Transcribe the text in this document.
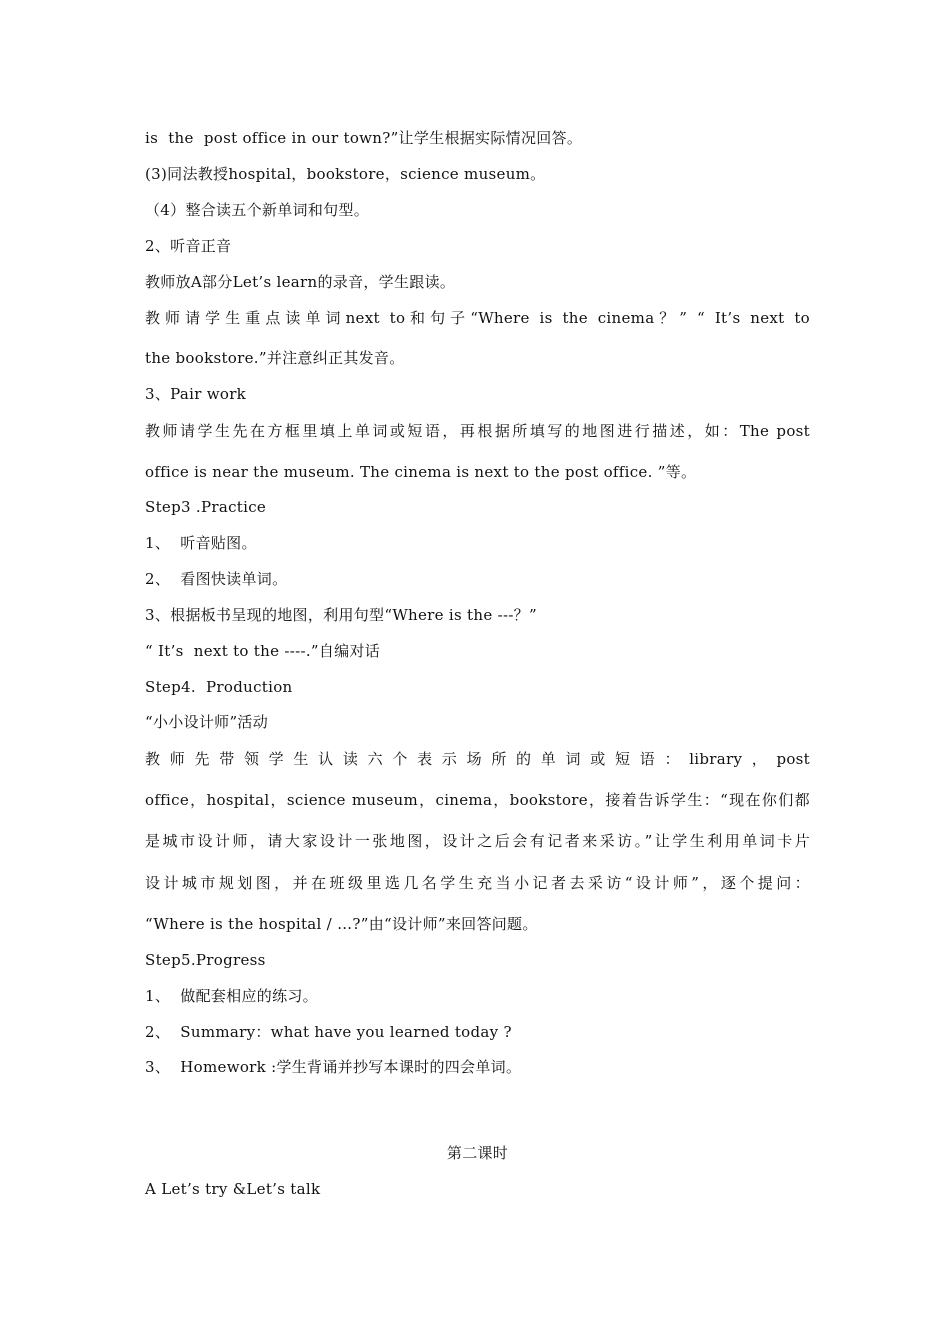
is  the  post office in our town?”让学生根据实际情况回答。
(3)同法教授hospital，bookstore，science museum。
（4）整合读五个新单词和句型。
2、听音正音
教师放A部分Let’s learn的录音，学生跟读。
教师请学生重点读单词next to和句子“Where is the cinema？” “ It’s next to
the bookstore.”并注意纠正其发音。
3、Pair work
教师请学生先在方框里填上单词或短语，再根据所填写的地图进行描述，如：The post
office is near the museum. The cinema is next to the post office. ”等。
Step3 .Practice
1、  听音贴图。
2、  看图快读单词。
3、根据板书呈现的地图，利用句型“Where is the ---？”
“ It’s  next to the ----.”自编对话
Step4.  Production
“小小设计师”活动
教师先带领学生认读六个表示场所的单词或短语：library，post
office，hospital，science museum，cinema，bookstore，接着告诉学生：“现在你们都
是城市设计师，请大家设计一张地图，设计之后会有记者来采访。”让学生利用单词卡片
设计城市规划图，并在班级里选几名学生充当小记者去采访“设计师”，逐个提问：
“Where is the hospital / …?”由“设计师”来回答问题。
Step5.Progress
1、  做配套相应的练习。
2、  Summary：what have you learned today ?
3、  Homework :学生背诵并抄写本课时的四会单词。
第二课时
A Let’s try &Let’s talk
